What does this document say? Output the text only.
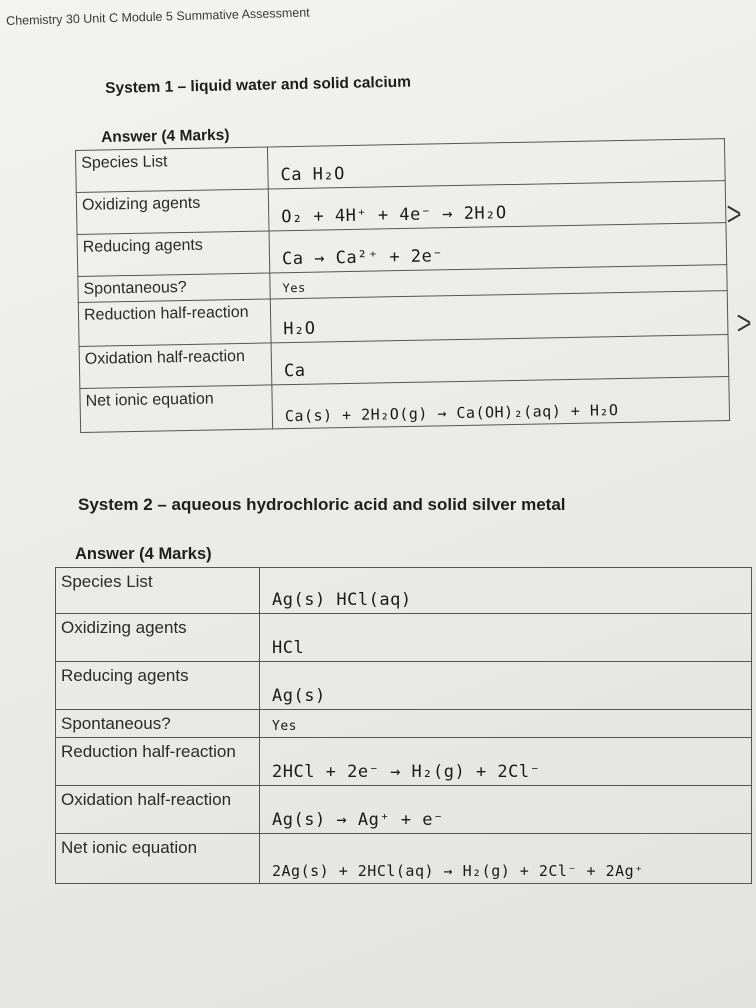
Chemistry 30 Unit C Module 5 Summative Assessment
System 1 – liquid water and solid calcium
Answer (4 Marks)
Species List	Ca H₂O
Oxidizing agents	O₂ + 4H⁺ + 4e⁻ → 2H₂O
Reducing agents	Ca → Ca²⁺ + 2e⁻
Spontaneous?	Yes
Reduction half-reaction	H₂O
Oxidation half-reaction	Ca
Net ionic equation	Ca(s) + 2H₂O(g) → Ca(OH)₂(aq) + H₂O
System 2 – aqueous hydrochloric acid and solid silver metal
Answer (4 Marks)
Species List	Ag(s) HCl(aq)
Oxidizing agents	HCl
Reducing agents	Ag(s)
Spontaneous?	Yes
Reduction half-reaction	2HCl + 2e⁻ → H₂(g) + 2Cl⁻
Oxidation half-reaction	Ag(s) → Ag⁺ + e⁻
Net ionic equation	2Ag(s) + 2HCl(aq) → H₂(g) + 2Cl⁻ + 2Ag⁺
